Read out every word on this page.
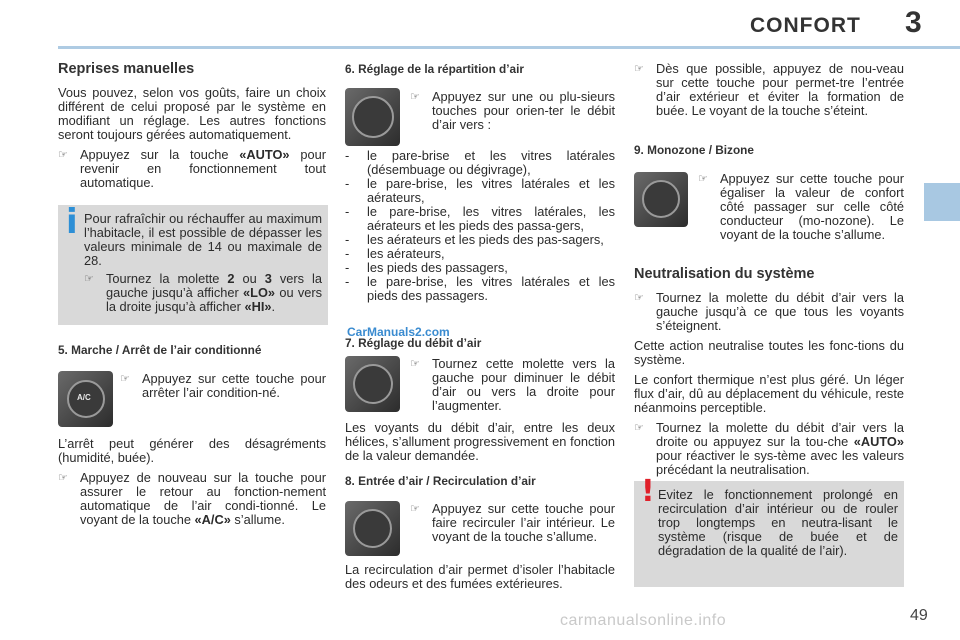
CONFORT 3
Reprises manuelles

Vous pouvez, selon vos goûts, faire un choix différent de celui proposé par le système en modifiant un réglage. Les autres fonctions seront toujours gérées automatiquement.

☞ Appuyez sur la touche «AUTO» pour revenir en fonctionnement tout automatique.
i Pour rafraîchir ou réchauffer au maximum l’habitacle, il est possible de dépasser les valeurs minimale de 14 ou maximale de 28.
☞ Tournez la molette 2 ou 3 vers la gauche jusqu’à afficher «LO» ou vers la droite jusqu’à afficher «HI».
5. Marche / Arrêt de l’air conditionné
A/C
☞ Appuyez sur cette touche pour arrêter l’air condition-né.

L’arrêt peut générer des désagréments (humidité, buée).

☞ Appuyez de nouveau sur la touche pour assurer le retour au fonction-nement automatique de l’air condi-tionné. Le voyant de la touche «A/C» s’allume.
6. Réglage de la répartition d’air
☞ Appuyez sur une ou plu-sieurs touches pour orien-ter le débit d’air vers :
-	le pare-brise et les vitres latérales (désembuage ou dégivrage),
-	le pare-brise, les vitres latérales et les aérateurs,
-	le pare-brise, les vitres latérales, les aérateurs et les pieds des passa-gers,
-	les aérateurs et les pieds des pas-sagers,
-	les aérateurs,
-	les pieds des passagers,
-	le pare-brise, les vitres latérales et les pieds des passagers.
CarManuals2.com
7. Réglage du débit d’air
☞ Tournez cette molette vers la gauche pour diminuer le débit d’air ou vers la droite pour l’augmenter.

Les voyants du débit d’air, entre les deux hélices, s’allument progressivement en fonction de la valeur demandée.

8. Entrée d’air / Recirculation d’air
☞ Appuyez sur cette touche pour faire recirculer l’air intérieur. Le voyant de la touche s’allume.

La recirculation d’air permet d’isoler l’habitacle des odeurs et des fumées extérieures.

☞ Dès que possible, appuyez de nou-veau sur cette touche pour permet-tre l’entrée d’air extérieur et éviter la formation de buée. Le voyant de la touche s’éteint.
9. Monozone / Bizone
☞ Appuyez sur cette touche pour égaliser la valeur de confort côté passager sur celle côté conducteur (mo-nozone). Le voyant de la touche s’allume.
Neutralisation du système
☞ Tournez la molette du débit d’air vers la gauche jusqu’à ce que tous les voyants s’éteignent.

Cette action neutralise toutes les fonc-tions du système.

Le confort thermique n’est plus géré. Un léger flux d’air, dû au déplacement du véhicule, reste néanmoins perceptible.

☞ Tournez la molette du débit d’air vers la droite ou appuyez sur la tou-che «AUTO» pour réactiver le sys-tème avec les valeurs précédant la neutralisation.
! Evitez le fonctionnement prolongé en recirculation d’air intérieur ou de rouler trop longtemps en neutra-lisant le système (risque de buée et de dégradation de la qualité de l’air).
carmanualsonline.info	49
